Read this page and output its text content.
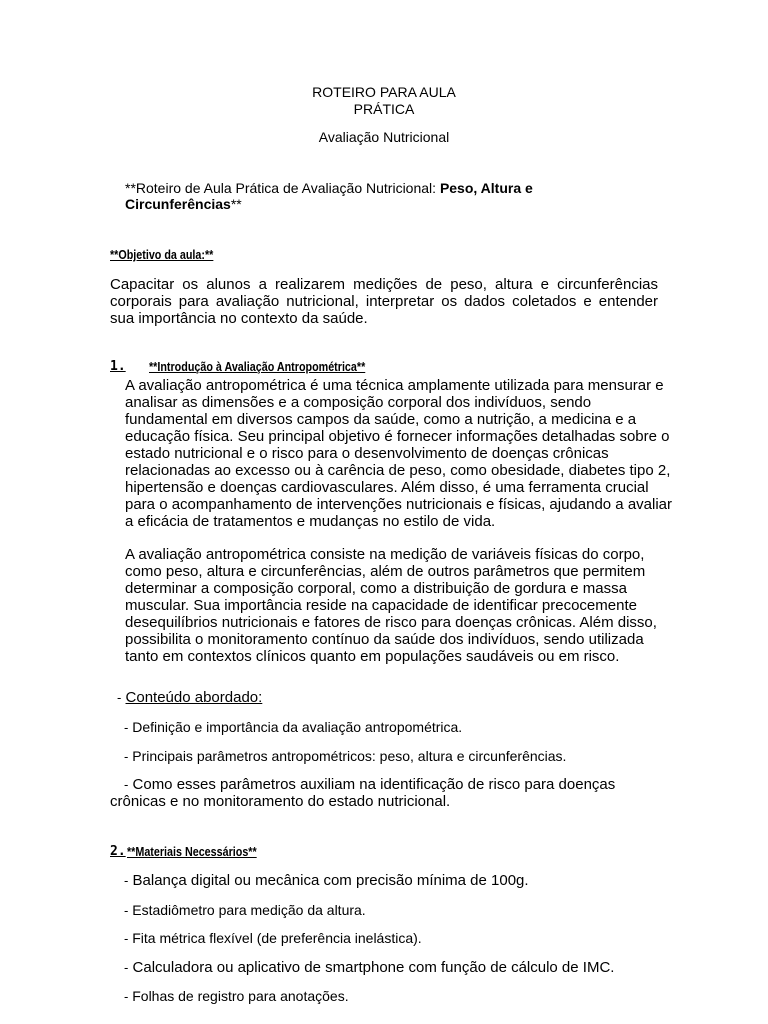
ROTEIRO PARA AULA

PRÁTICA

Avaliação Nutricional

**Roteiro de Aula Prática de Avaliação Nutricional: Peso, Altura e

Circunferências**

**Objetivo da aula:**

Capacitar os alunos a realizarem medições de peso, altura e circunferências corporais para avaliação nutricional, interpretar os dados coletados e entender sua importância no contexto da saúde.

1. **Introdução à Avaliação Antropométrica**

A avaliação antropométrica é uma técnica amplamente utilizada para mensurar e analisar as dimensões e a composição corporal dos indivíduos, sendo fundamental em diversos campos da saúde, como a nutrição, a medicina e a educação física. Seu principal objetivo é fornecer informações detalhadas sobre o estado nutricional e o risco para o desenvolvimento de doenças crônicas relacionadas ao excesso ou à carência de peso, como obesidade, diabetes tipo 2, hipertensão e doenças cardiovasculares. Além disso, é uma ferramenta crucial para o acompanhamento de intervenções nutricionais e físicas, ajudando a avaliar a eficácia de tratamentos e mudanças no estilo de vida.

A avaliação antropométrica consiste na medição de variáveis físicas do corpo, como peso, altura e circunferências, além de outros parâmetros que permitem determinar a composição corporal, como a distribuição de gordura e massa muscular. Sua importância reside na capacidade de identificar precocemente desequilíbrios nutricionais e fatores de risco para doenças crônicas. Além disso, possibilita o monitoramento contínuo da saúde dos indivíduos, sendo utilizada tanto em contextos clínicos quanto em populações saudáveis ou em risco.

- Conteúdo abordado:

- Definição e importância da avaliação antropométrica.

- Principais parâmetros antropométricos: peso, altura e circunferências.

- Como esses parâmetros auxiliam na identificação de risco para doenças

crônicas e no monitoramento do estado nutricional.

2. **Materiais Necessários**

- Balança digital ou mecânica com precisão mínima de 100g.

- Estadiômetro para medição da altura.

- Fita métrica flexível (de preferência inelástica).

- Calculadora ou aplicativo de smartphone com função de cálculo de IMC.

- Folhas de registro para anotações.
